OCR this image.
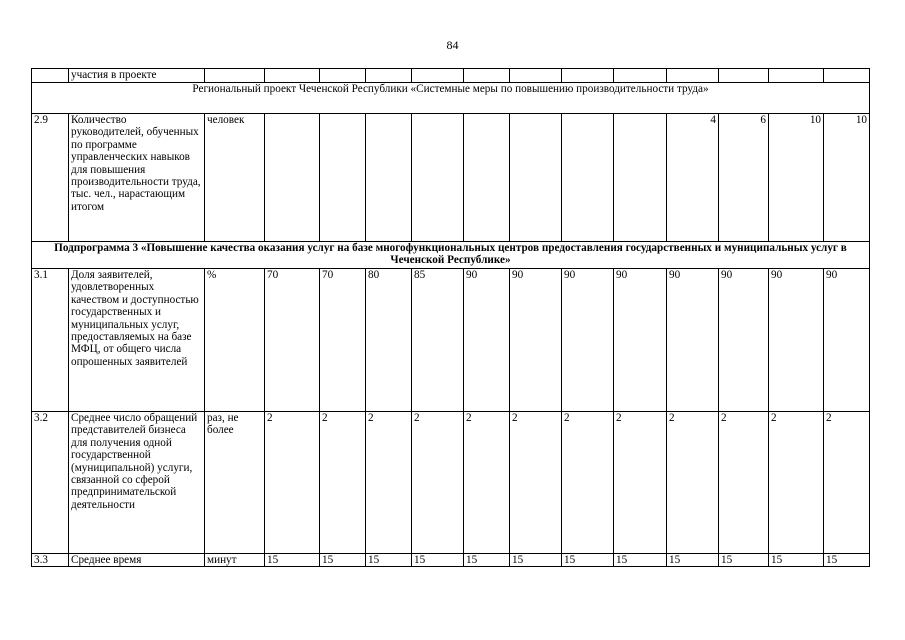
84
	участия в проекте													
Региональный проект Чеченской Республики «Системные меры по повышению производительности труда»														
2.9	Количество руководителей, обученных по программе управленческих навыков для повышения производительности труда, тыс. чел., нарастающим итогом	человек									4	6	10	10
Подпрограмма 3 «Повышение качества оказания услуг на базе многофункциональных центров предоставления государственных и муниципальных услуг в Чеченской Республике»														
3.1	Доля заявителей, удовлетворенных качеством и доступностью государственных и муниципальных услуг, предоставляемых на базе МФЦ, от общего числа опрошенных заявителей	%	70	70	80	85	90	90	90	90	90	90	90	90
3.2	Среднее число обращений представителей бизнеса для получения одной государственной (муниципальной) услуги, связанной со сферой предпринимательской деятельности	раз, не более	2	2	2	2	2	2	2	2	2	2	2	2
3.3	Среднее время	минут	15	15	15	15	15	15	15	15	15	15	15	15
